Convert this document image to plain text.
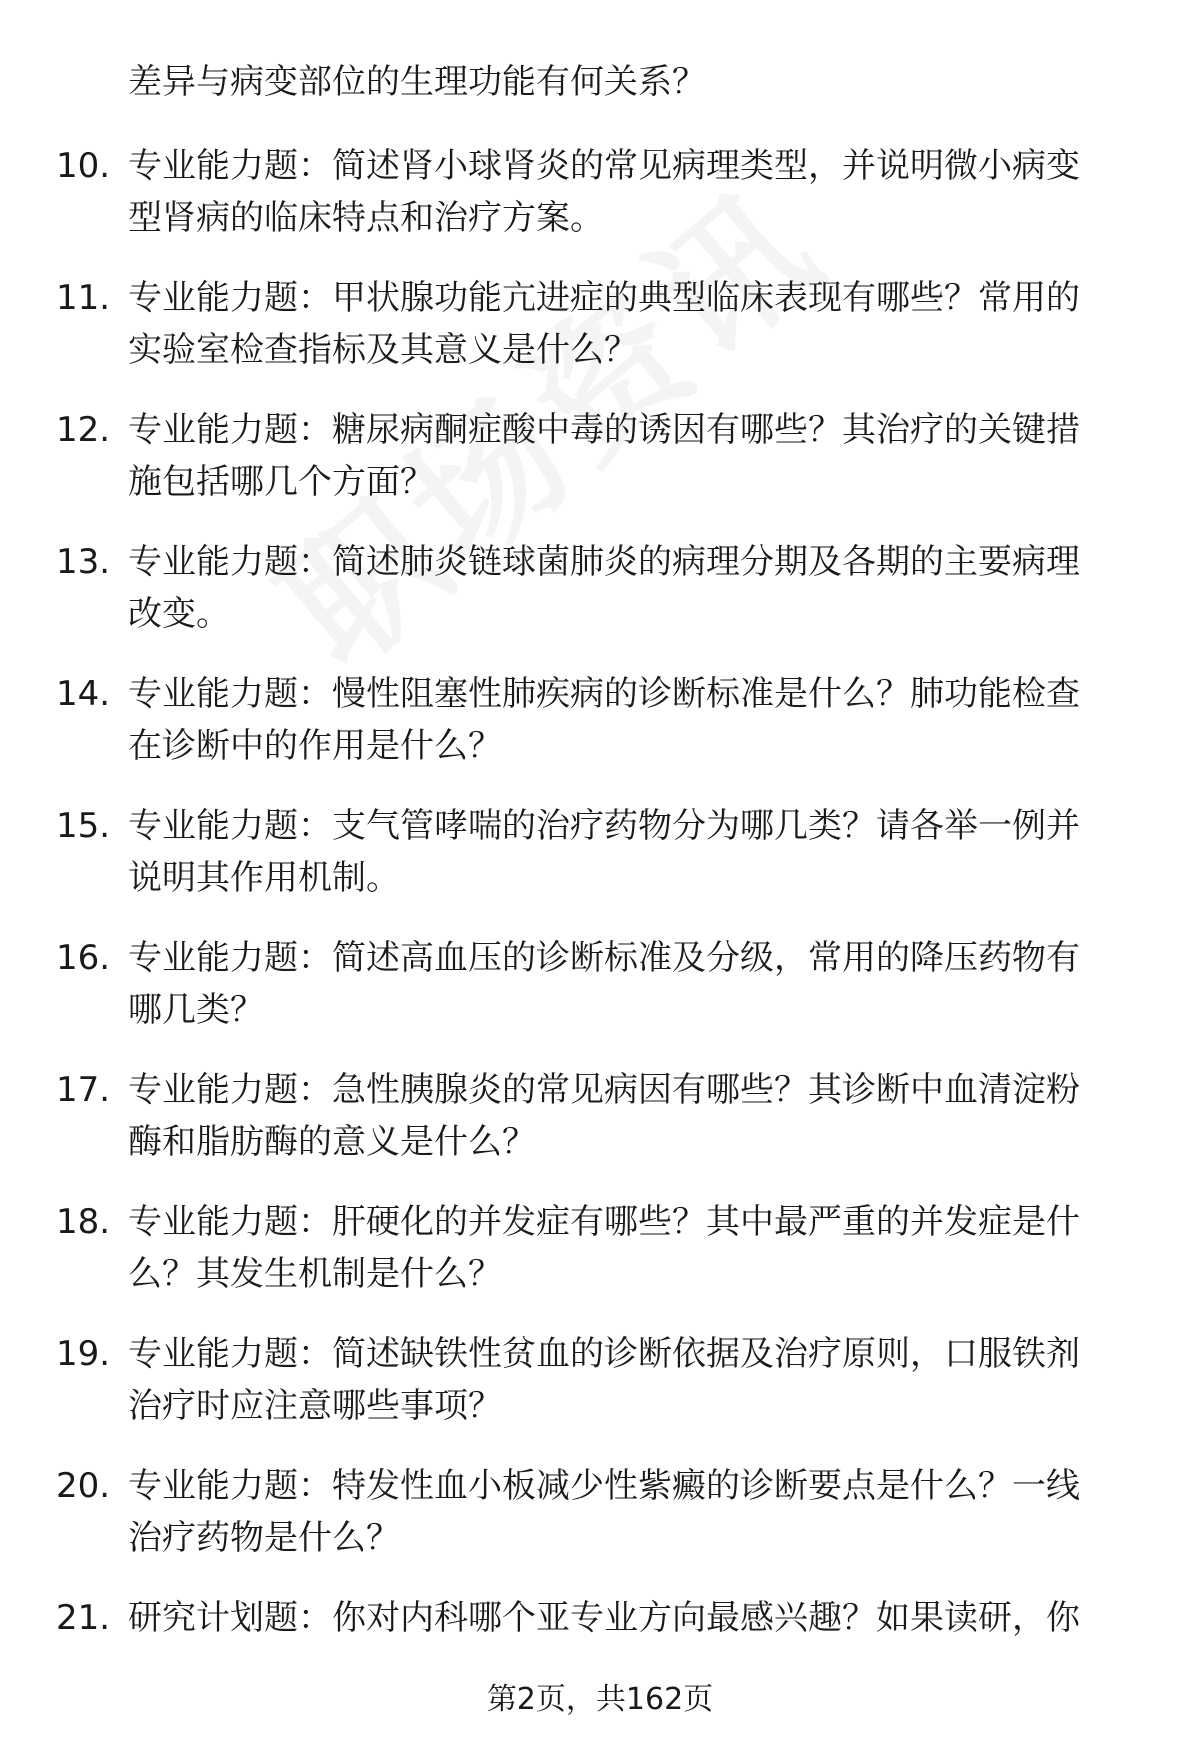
差异与病变部位的生理功能有何关系？
10. 专业能力题：简述肾小球肾炎的常见病理类型，并说明微小病变
型肾病的临床特点和治疗方案。
11. 专业能力题：甲状腺功能亢进症的典型临床表现有哪些？常用的
实验室检查指标及其意义是什么？
12. 专业能力题：糖尿病酮症酸中毒的诱因有哪些？其治疗的关键措
施包括哪几个方面？
13. 专业能力题：简述肺炎链球菌肺炎的病理分期及各期的主要病理
改变。
14. 专业能力题：慢性阻塞性肺疾病的诊断标准是什么？肺功能检查
在诊断中的作用是什么？
15. 专业能力题：支气管哮喘的治疗药物分为哪几类？请各举一例并
说明其作用机制。
16. 专业能力题：简述高血压的诊断标准及分级，常用的降压药物有
哪几类？
17. 专业能力题：急性胰腺炎的常见病因有哪些？其诊断中血清淀粉
酶和脂肪酶的意义是什么？
18. 专业能力题：肝硬化的并发症有哪些？其中最严重的并发症是什
么？其发生机制是什么？
19. 专业能力题：简述缺铁性贫血的诊断依据及治疗原则，口服铁剂
治疗时应注意哪些事项？
20. 专业能力题：特发性血小板减少性紫癜的诊断要点是什么？一线
治疗药物是什么？
21. 研究计划题：你对内科哪个亚专业方向最感兴趣？如果读研，你
第2页，共162页
